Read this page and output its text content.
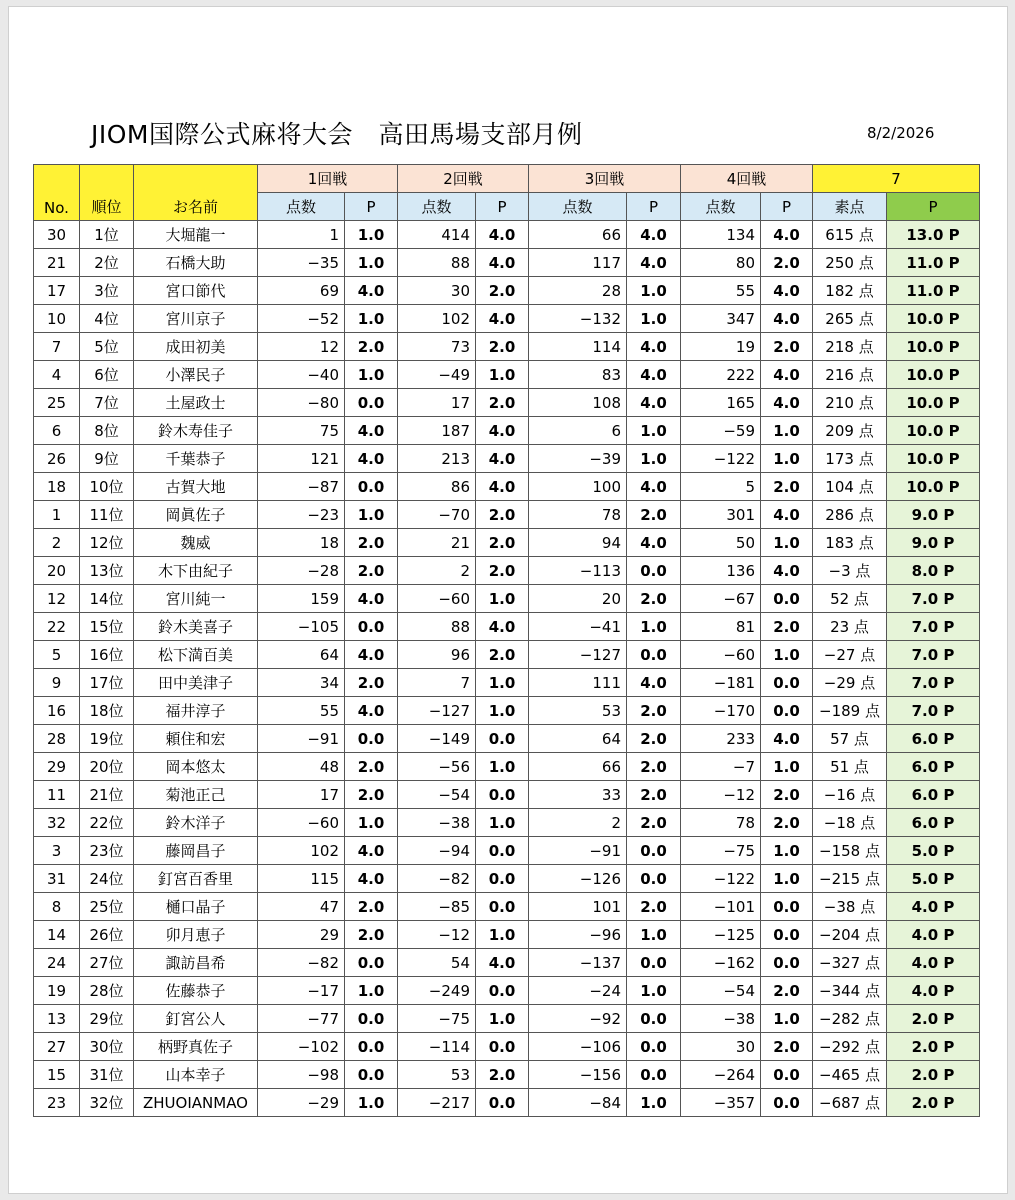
JIOM国際公式麻将大会　高田馬場支部月例	8/2/2026
No.	順位	お名前	1回戦		2回戦		3回戦		4回戦		7	
			点数	P	点数	P	点数	P	点数	P	素点	P
30	1位	大堀龍一	1	1.0	414	4.0	66	4.0	134	4.0	615 点	13.0 P
21	2位	石橋大助	−35	1.0	88	4.0	117	4.0	80	2.0	250 点	11.0 P
17	3位	宮口節代	69	4.0	30	2.0	28	1.0	55	4.0	182 点	11.0 P
10	4位	宮川京子	−52	1.0	102	4.0	−132	1.0	347	4.0	265 点	10.0 P
7	5位	成田初美	12	2.0	73	2.0	114	4.0	19	2.0	218 点	10.0 P
4	6位	小澤民子	−40	1.0	−49	1.0	83	4.0	222	4.0	216 点	10.0 P
25	7位	土屋政士	−80	0.0	17	2.0	108	4.0	165	4.0	210 点	10.0 P
6	8位	鈴木寿佳子	75	4.0	187	4.0	6	1.0	−59	1.0	209 点	10.0 P
26	9位	千葉恭子	121	4.0	213	4.0	−39	1.0	−122	1.0	173 点	10.0 P
18	10位	古賀大地	−87	0.0	86	4.0	100	4.0	5	2.0	104 点	10.0 P
1	11位	岡眞佐子	−23	1.0	−70	2.0	78	2.0	301	4.0	286 点	9.0 P
2	12位	魏威	18	2.0	21	2.0	94	4.0	50	1.0	183 点	9.0 P
20	13位	木下由紀子	−28	2.0	2	2.0	−113	0.0	136	4.0	−3 点	8.0 P
12	14位	宮川純一	159	4.0	−60	1.0	20	2.0	−67	0.0	52 点	7.0 P
22	15位	鈴木美喜子	−105	0.0	88	4.0	−41	1.0	81	2.0	23 点	7.0 P
5	16位	松下満百美	64	4.0	96	2.0	−127	0.0	−60	1.0	−27 点	7.0 P
9	17位	田中美津子	34	2.0	7	1.0	111	4.0	−181	0.0	−29 点	7.0 P
16	18位	福井淳子	55	4.0	−127	1.0	53	2.0	−170	0.0	−189 点	7.0 P
28	19位	頼住和宏	−91	0.0	−149	0.0	64	2.0	233	4.0	57 点	6.0 P
29	20位	岡本悠太	48	2.0	−56	1.0	66	2.0	−7	1.0	51 点	6.0 P
11	21位	菊池正己	17	2.0	−54	0.0	33	2.0	−12	2.0	−16 点	6.0 P
32	22位	鈴木洋子	−60	1.0	−38	1.0	2	2.0	78	2.0	−18 点	6.0 P
3	23位	藤岡昌子	102	4.0	−94	0.0	−91	0.0	−75	1.0	−158 点	5.0 P
31	24位	釘宮百香里	115	4.0	−82	0.0	−126	0.0	−122	1.0	−215 点	5.0 P
8	25位	樋口晶子	47	2.0	−85	0.0	101	2.0	−101	0.0	−38 点	4.0 P
14	26位	卯月恵子	29	2.0	−12	1.0	−96	1.0	−125	0.0	−204 点	4.0 P
24	27位	諏訪昌希	−82	0.0	54	4.0	−137	0.0	−162	0.0	−327 点	4.0 P
19	28位	佐藤恭子	−17	1.0	−249	0.0	−24	1.0	−54	2.0	−344 点	4.0 P
13	29位	釘宮公人	−77	0.0	−75	1.0	−92	0.0	−38	1.0	−282 点	2.0 P
27	30位	柄野真佐子	−102	0.0	−114	0.0	−106	0.0	30	2.0	−292 点	2.0 P
15	31位	山本幸子	−98	0.0	53	2.0	−156	0.0	−264	0.0	−465 点	2.0 P
23	32位	ZHUOIANMAO	−29	1.0	−217	0.0	−84	1.0	−357	0.0	−687 点	2.0 P
